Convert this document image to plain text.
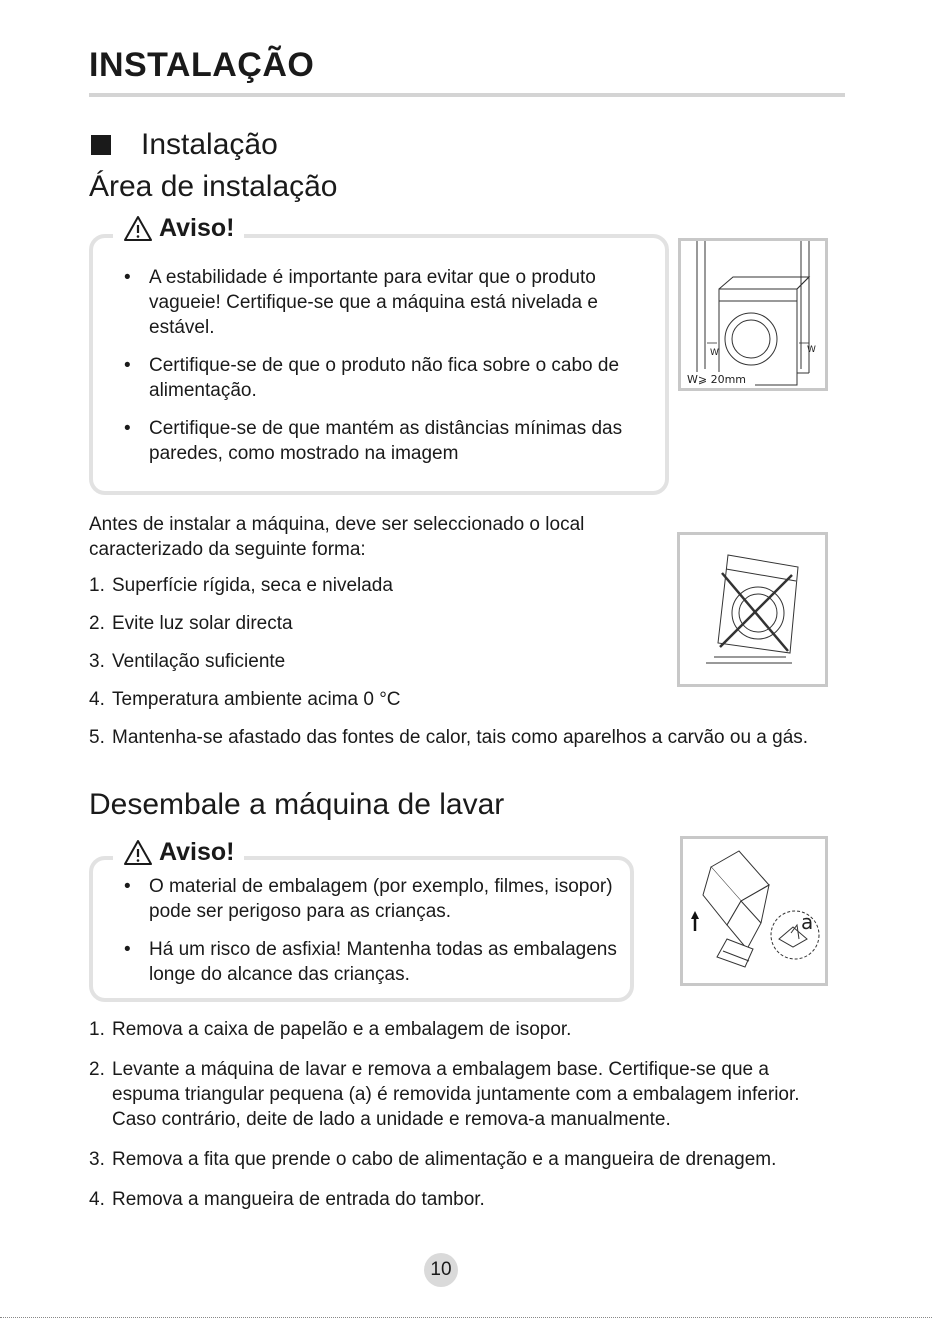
INSTALAÇÃO
Instalação
Área de instalação
Aviso!
• A estabilidade é importante para evitar que o produto vagueie! Certifique-se que a máquina está nivelada e estável.
• Certifique-se de que o produto não fica sobre o cabo de alimentação.
• Certifique-se de que mantém as distâncias mínimas das paredes, como mostrado na imagem
W	W
W⩾ 20mm
Antes de instalar a máquina, deve ser seleccionado o local caracterizado da seguinte forma:
1. Superfície rígida, seca e nivelada
2. Evite luz solar directa
3. Ventilação suficiente
4. Temperatura ambiente acima 0 °C
5. Mantenha-se afastado das fontes de calor, tais como aparelhos a carvão ou a gás.
Desembale a máquina de lavar
Aviso!
• O material de embalagem (por exemplo, filmes, isopor) pode ser perigoso para as crianças.
• Há um risco de asfixia! Mantenha todas as embalagens longe do alcance das crianças.
a
1. Remova a caixa de papelão e a embalagem de isopor.
2. Levante a máquina de lavar e remova a embalagem base. Certifique-se que a espuma triangular pequena (a) é removida juntamente com a embalagem inferior. Caso contrário, deite de lado a unidade e remova-a manualmente.
3. Remova a fita que prende o cabo de alimentação e a mangueira de drenagem.
4. Remova a mangueira de entrada do tambor.
10
